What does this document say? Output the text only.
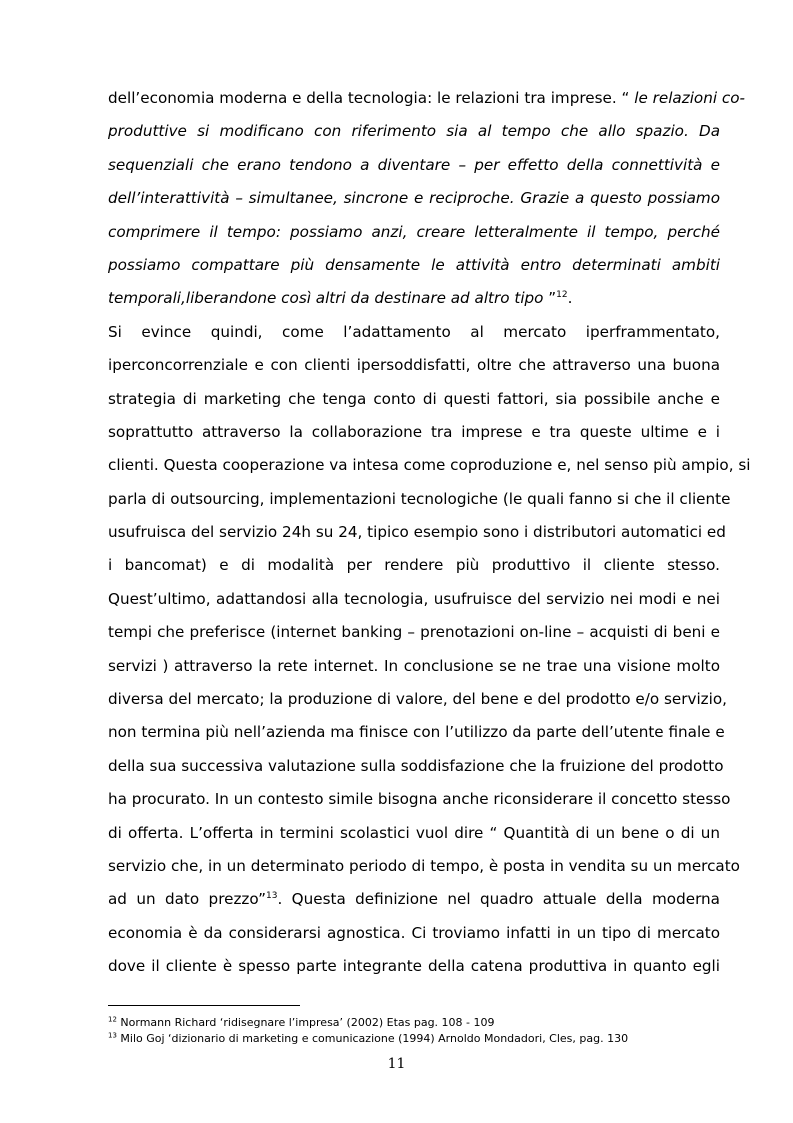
dell’economia moderna e della tecnologia: le relazioni tra imprese. “ le relazioni co-
produttive si modificano con riferimento sia al tempo che allo spazio. Da
sequenziali che erano tendono a diventare – per effetto della connettività e
dell’interattività – simultanee, sincrone e reciproche. Grazie a questo possiamo
comprimere il tempo: possiamo anzi, creare letteralmente il tempo, perché
possiamo compattare più densamente le attività entro determinati ambiti
temporali,liberandone così altri da destinare ad altro tipo ”$^{12}$.
Si evince quindi, come l’adattamento al mercato iperframmentato,
iperconcorrenziale e con clienti ipersoddisfatti, oltre che attraverso una buona
strategia di marketing che tenga conto di questi fattori, sia possibile anche e
soprattutto attraverso la collaborazione tra imprese e tra queste ultime e i
clienti. Questa cooperazione va intesa come coproduzione e, nel senso più ampio, si
parla di outsourcing, implementazioni tecnologiche (le quali fanno si che il cliente
usufruisca del servizio 24h su 24, tipico esempio sono i distributori automatici ed
i bancomat) e di modalità per rendere più produttivo il cliente stesso.
Quest’ultimo, adattandosi alla tecnologia, usufruisce del servizio nei modi e nei
tempi che preferisce (internet banking – prenotazioni on-line – acquisti di beni e
servizi ) attraverso la rete internet. In conclusione se ne trae una visione molto
diversa del mercato; la produzione di valore, del bene e del prodotto e/o servizio,
non termina più nell’azienda ma finisce con l’utilizzo da parte dell’utente finale e
della sua successiva valutazione sulla soddisfazione che la fruizione del prodotto
ha procurato. In un contesto simile bisogna anche riconsiderare il concetto stesso
di offerta. L’offerta in termini scolastici vuol dire “ Quantità di un bene o di un
servizio che, in un determinato periodo di tempo, è posta in vendita su un mercato
ad un dato prezzo”$^{13}$. Questa definizione nel quadro attuale della moderna
economia è da considerarsi agnostica. Ci troviamo infatti in un tipo di mercato
dove il cliente è spesso parte integrante della catena produttiva in quanto egli
$^{12}$ Normann Richard ‘ridisegnare l’impresa’ (2002) Etas pag. 108 - 109
$^{13}$ Milo Goj ‘dizionario di marketing e comunicazione (1994) Arnoldo Mondadori, Cles, pag. 130
11
